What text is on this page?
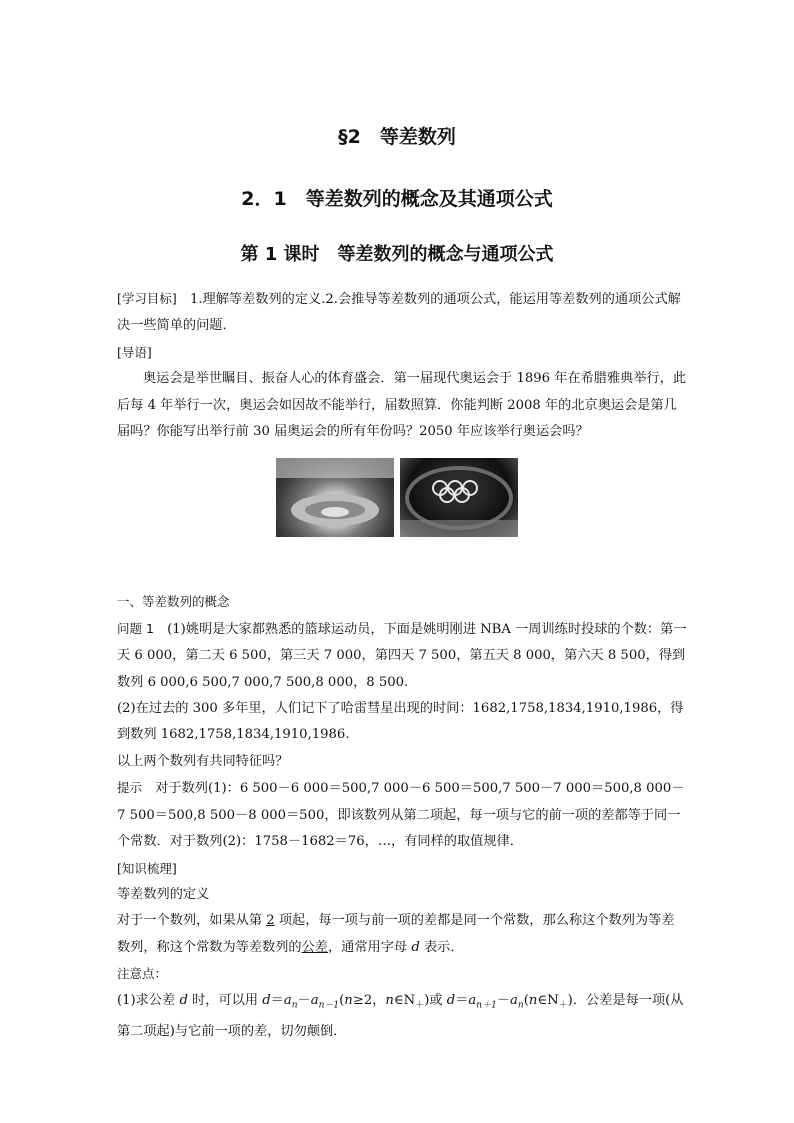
§2　等差数列
2．1　等差数列的概念及其通项公式
第 1 课时　等差数列的概念与通项公式

[学习目标]　1.理解等差数列的定义.2.会推导等差数列的通项公式，能运用等差数列的通项公式解决一些简单的问题．

[导语]

奥运会是举世瞩目、振奋人心的体育盛会．第一届现代奥运会于 1896 年在希腊雅典举行，此后每 4 年举行一次，奥运会如因故不能举行，届数照算．你能判断 2008 年的北京奥运会是第几届吗？你能写出举行前 30 届奥运会的所有年份吗？2050 年应该举行奥运会吗？

一、等差数列的概念

问题 1　(1)姚明是大家都熟悉的篮球运动员，下面是姚明刚进 NBA 一周训练时投球的个数：第一天 6 000，第二天 6 500，第三天 7 000，第四天 7 500，第五天 8 000，第六天 8 500，得到数列 6 000,6 500,7 000,7 500,8 000，8 500.

(2)在过去的 300 多年里，人们记下了哈雷彗星出现的时间：1682,1758,1834,1910,1986，得到数列 1682,1758,1834,1910,1986.

以上两个数列有共同特征吗？

提示　对于数列(1)：6 500－6 000＝500,7 000－6 500＝500,7 500－7 000＝500,8 000－7 500＝500,8 500－8 000＝500，即该数列从第二项起，每一项与它的前一项的差都等于同一个常数．对于数列(2)：1758－1682＝76，…，有同样的取值规律．

[知识梳理]

等差数列的定义

对于一个数列，如果从第 2 项起，每一项与前一项的差都是同一个常数，那么称这个数列为等差数列，称这个常数为等差数列的公差，通常用字母 d 表示．

注意点：

(1)求公差 d 时，可以用 $d=a_n-a_{n-1}(n\ge 2$，$n\in N_+$)或 $d=a_{n+1}-a_n(n\in N_+)$．公差是每一项(从第二项起)与它前一项的差，切勿颠倒．
